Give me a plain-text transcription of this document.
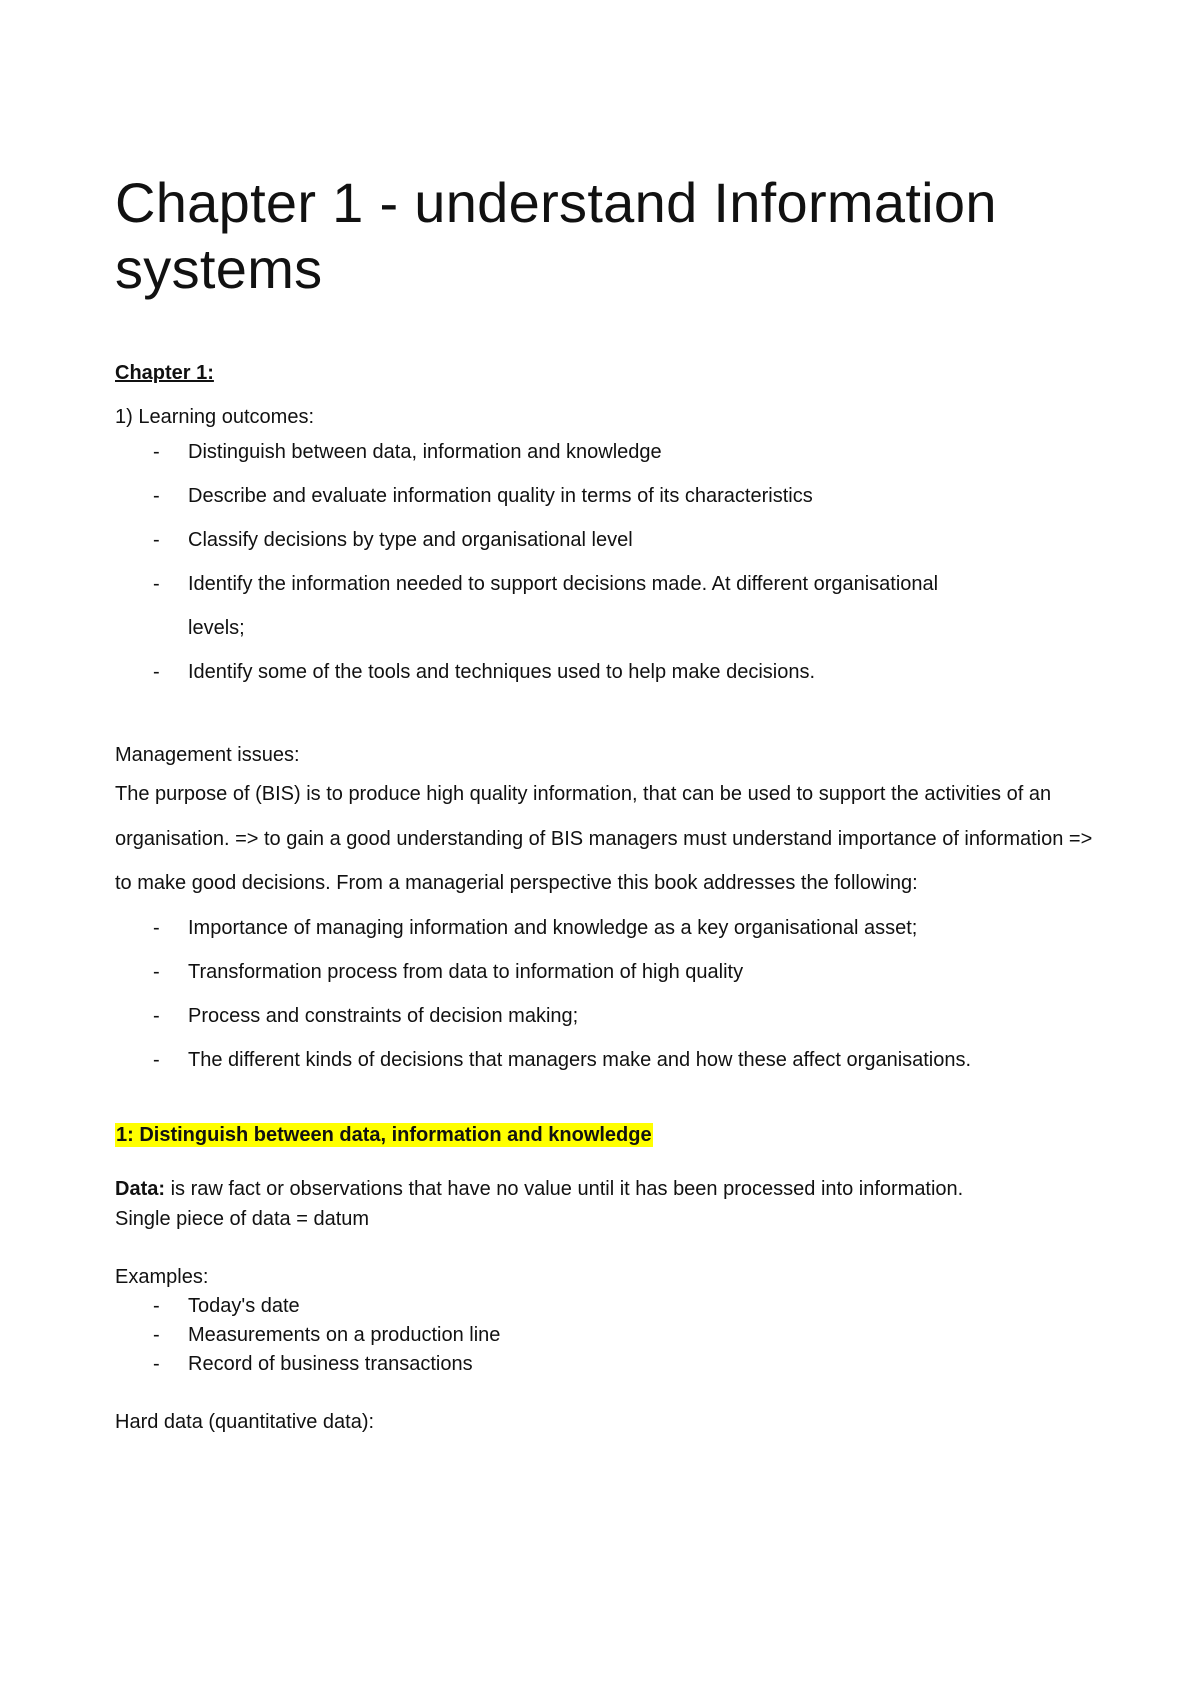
Chapter 1 - understand Information systems
Chapter 1:
1) Learning outcomes:
- Distinguish between data, information and knowledge
- Describe and evaluate information quality in terms of its characteristics
- Classify decisions by type and organisational level
- Identify the information needed to support decisions made. At different organisational levels;
- Identify some of the tools and techniques used to help make decisions.
Management issues:

The purpose of (BIS) is to produce high quality information, that can be used to support the activities of an organisation. => to gain a good understanding of BIS managers must understand importance of information => to make good decisions. From a managerial perspective this book addresses the following:

- Importance of managing information and knowledge as a key organisational asset;
- Transformation process from data to information of high quality
- Process and constraints of decision making;
- The different kinds of decisions that managers make and how these affect organisations.
1: Distinguish between data, information and knowledge
Data: is raw fact or observations that have no value until it has been processed into information.
Single piece of data = datum
Examples:
- Today's date
- Measurements on a production line
- Record of business transactions
Hard data (quantitative data):
